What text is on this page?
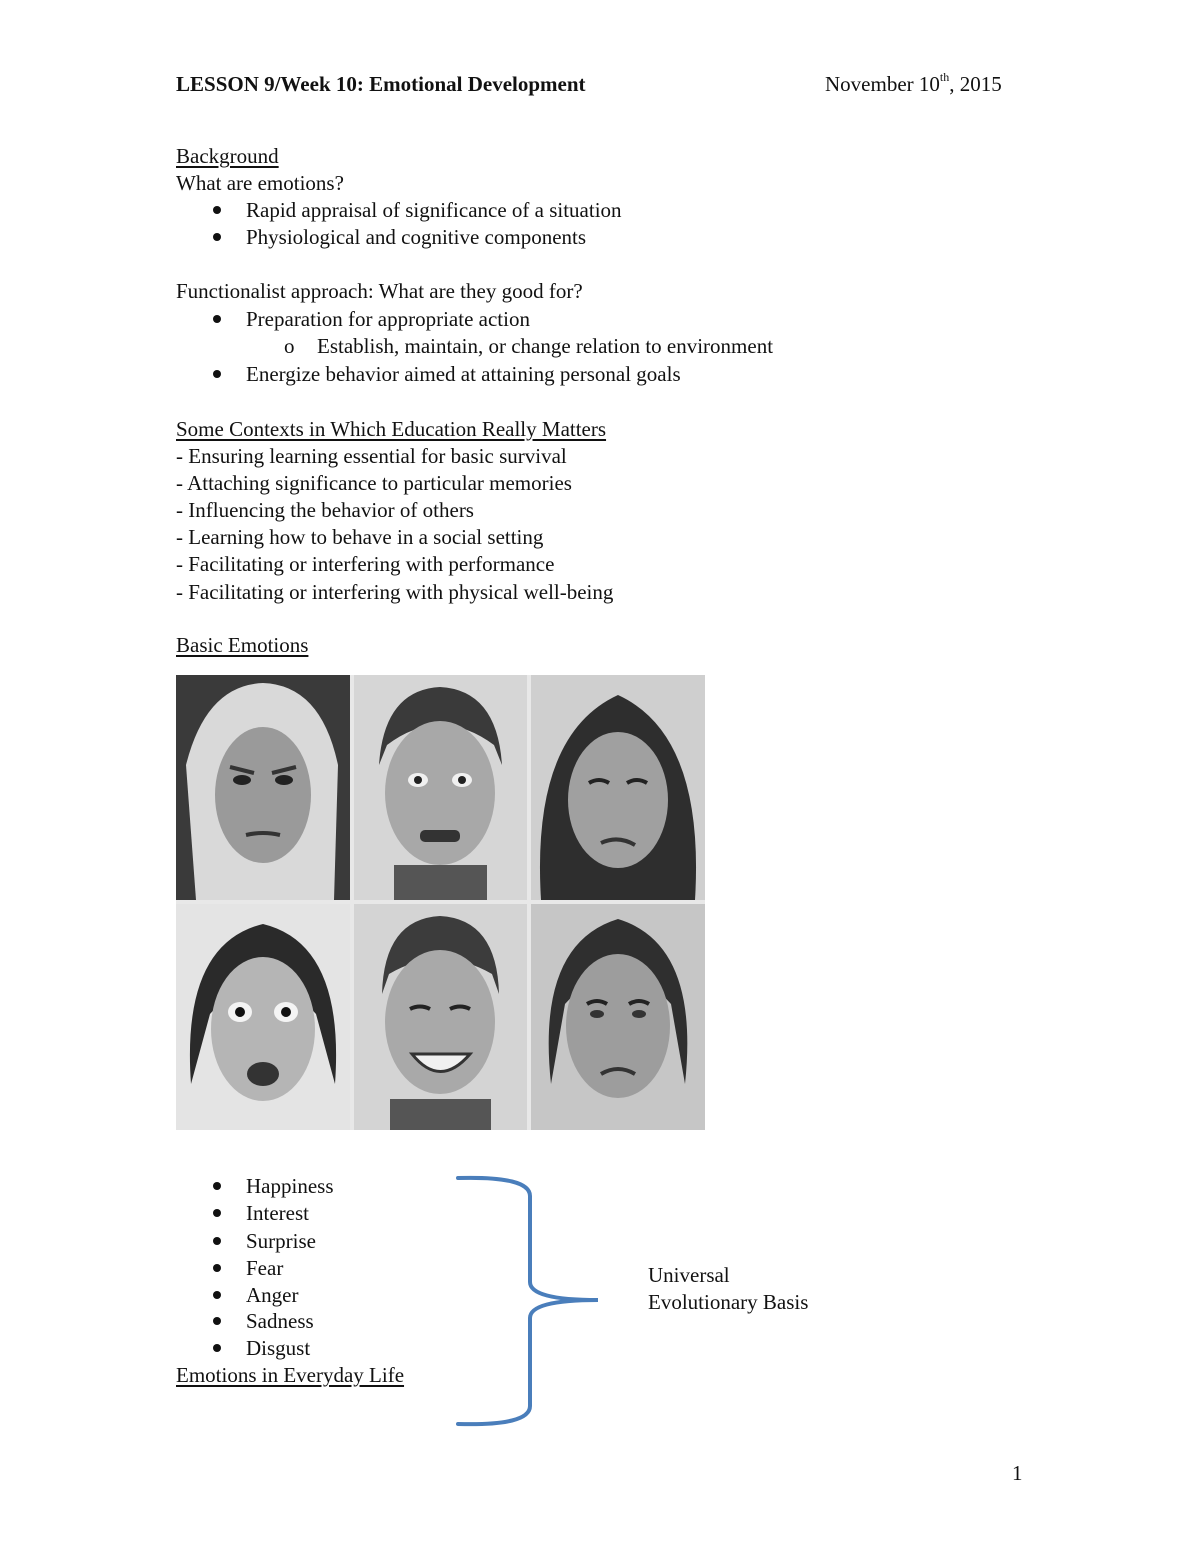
LESSON 9/Week 10: Emotional Development	November 10th, 2015
Background
What are emotions?
Rapid appraisal of significance of a situation
Physiological and cognitive components
Functionalist approach: What are they good for?
Preparation for appropriate action
o Establish, maintain, or change relation to environment
Energize behavior aimed at attaining personal goals
Some Contexts in Which Education Really Matters
- Ensuring learning essential for basic survival
- Attaching significance to particular memories
- Influencing the behavior of others
- Learning how to behave in a social setting
- Facilitating or interfering with performance
- Facilitating or interfering with physical well-being
Basic Emotions
Happiness
Interest
Surprise
Fear
Anger
Sadness
Disgust
Emotions in Everyday Life
Universal
Evolutionary Basis
1
